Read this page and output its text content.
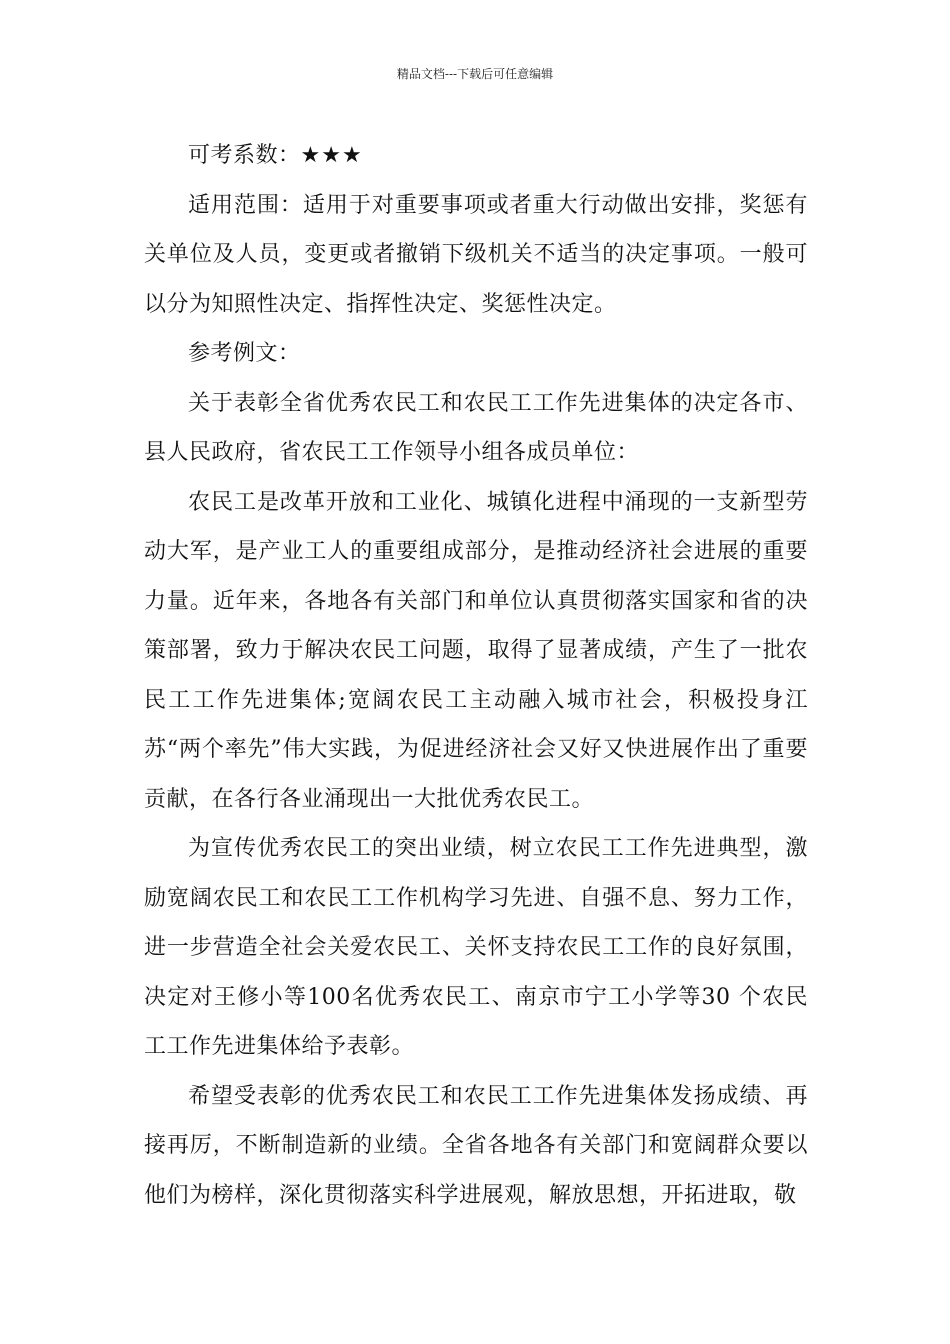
精品文档---下载后可任意编辑

可考系数：★★★

适用范围：适用于对重要事项或者重大行动做出安排，奖惩有关单位及人员，变更或者撤销下级机关不适当的决定事项。一般可以分为知照性决定、指挥性决定、奖惩性决定。

参考例文：

关于表彰全省优秀农民工和农民工工作先进集体的决定各市、县人民政府，省农民工工作领导小组各成员单位：

农民工是改革开放和工业化、城镇化进程中涌现的一支新型劳动大军，是产业工人的重要组成部分，是推动经济社会进展的重要力量。近年来，各地各有关部门和单位认真贯彻落实国家和省的决策部署，致力于解决农民工问题，取得了显著成绩，产生了一批农民工工作先进集体;宽阔农民工主动融入城市社会，积极投身江苏“两个率先”伟大实践，为促进经济社会又好又快进展作出了重要贡献，在各行各业涌现出一大批优秀农民工。

为宣传优秀农民工的突出业绩，树立农民工工作先进典型，激励宽阔农民工和农民工工作机构学习先进、自强不息、努力工作，进一步营造全社会关爱农民工、关怀支持农民工工作的良好氛围，决定对王修小等100名优秀农民工、南京市宁工小学等30 个农民工工作先进集体给予表彰。

希望受表彰的优秀农民工和农民工工作先进集体发扬成绩、再接再厉，不断制造新的业绩。全省各地各有关部门和宽阔群众要以他们为榜样，深化贯彻落实科学进展观，解放思想，开拓进取，敬
